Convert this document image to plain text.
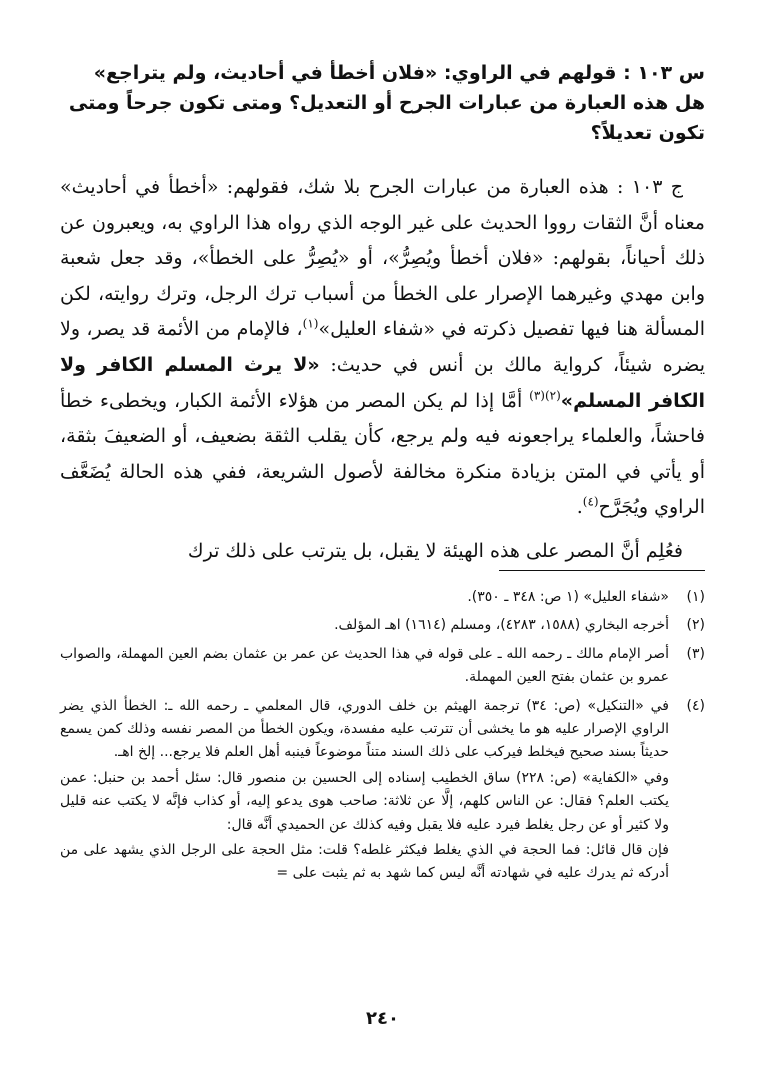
س ١٠٣ : قولهم في الراوي: «فلان أخطأ في أحاديث، ولم يتراجع» هل هذه العبارة من عبارات الجرح أو التعديل؟ ومتى تكون جرحاً ومتى تكون تعديلاً؟

ج ١٠٣ : هذه العبارة من عبارات الجرح بلا شك، فقولهم: «أخطأ في أحاديث» معناه أنَّ الثقات رووا الحديث على غير الوجه الذي رواه هذا الراوي به، ويعبرون عن ذلك أحياناً، بقولهم: «فلان أخطأ ويُصِرُّ»، أو «يُصِرُّ على الخطأ»، وقد جعل شعبة وابن مهدي وغيرهما الإصرار على الخطأ من أسباب ترك الرجل، وترك روايته، لكن المسألة هنا فيها تفصيل ذكرته في «شفاء العليل»$^{(١)}$، فالإمام من الأئمة قد يصر، ولا يضره شيئاً، كرواية مالك بن أنس في حديث: «لا يرث المسلم الكافر ولا الكافر المسلم»$^{(٢)(٣)}$ أمَّا إذا لم يكن المصر من هؤلاء الأئمة الكبار، ويخطىء خطأ فاحشاً، والعلماء يراجعونه فيه ولم يرجع، كأن يقلب الثقة بضعيف، أو الضعيفَ بثقة، أو يأتي في المتن بزيادة منكرة مخالفة لأصول الشريعة، ففي هذه الحالة يُضَعَّف الراوي ويُجَرَّح$^{(٤)}$.

فعُلِم أنَّ المصر على هذه الهيئة لا يقبل، بل يترتب على ذلك ترك

(١)

«شفاء العليل» (١ ص: ٣٤٨ ـ ٣٥٠).

(٢)

أخرجه البخاري (١٥٨٨، ٤٢٨٣)، ومسلم (١٦١٤) اهـ المؤلف.

(٣)

أصر الإمام مالك ـ رحمه الله ـ على قوله في هذا الحديث عن عمر بن عثمان بضم العين المهملة، والصواب عمرو بن عثمان بفتح العين المهملة.

(٤)

في «التنكيل» (ص: ٣٤) ترجمة الهيثم بن خلف الدوري، قال المعلمي ـ رحمه الله ـ: الخطأ الذي يضر الراوي الإصرار عليه هو ما يخشى أن تترتب عليه مفسدة، ويكون الخطأ من المصر نفسه وذلك كمن يسمع حديثاً بسند صحيح فيخلط فيركب على ذلك السند متناً موضوعاً فينبه أهل العلم فلا يرجع... إلخ اهـ.

وفي «الكفاية» (ص: ٢٢٨) ساق الخطيب إسناده إلى الحسين بن منصور قال: سئل أحمد بن حنبل: عمن يكتب العلم؟ فقال: عن الناس كلهم، إلَّا عن ثلاثة: صاحب هوى يدعو إليه، أو كذاب فإنَّه لا يكتب عنه قليل ولا كثير أو عن رجل يغلط فيرد عليه فلا يقبل وفيه كذلك عن الحميدي أنَّه قال:

فإن قال قائل: فما الحجة في الذي يغلط فيكثر غلطه؟ قلت: مثل الحجة على الرجل الذي يشهد على من أدركه ثم يدرك عليه في شهادته أنَّه ليس كما شهد به ثم يثبت على =

٢٤٠
